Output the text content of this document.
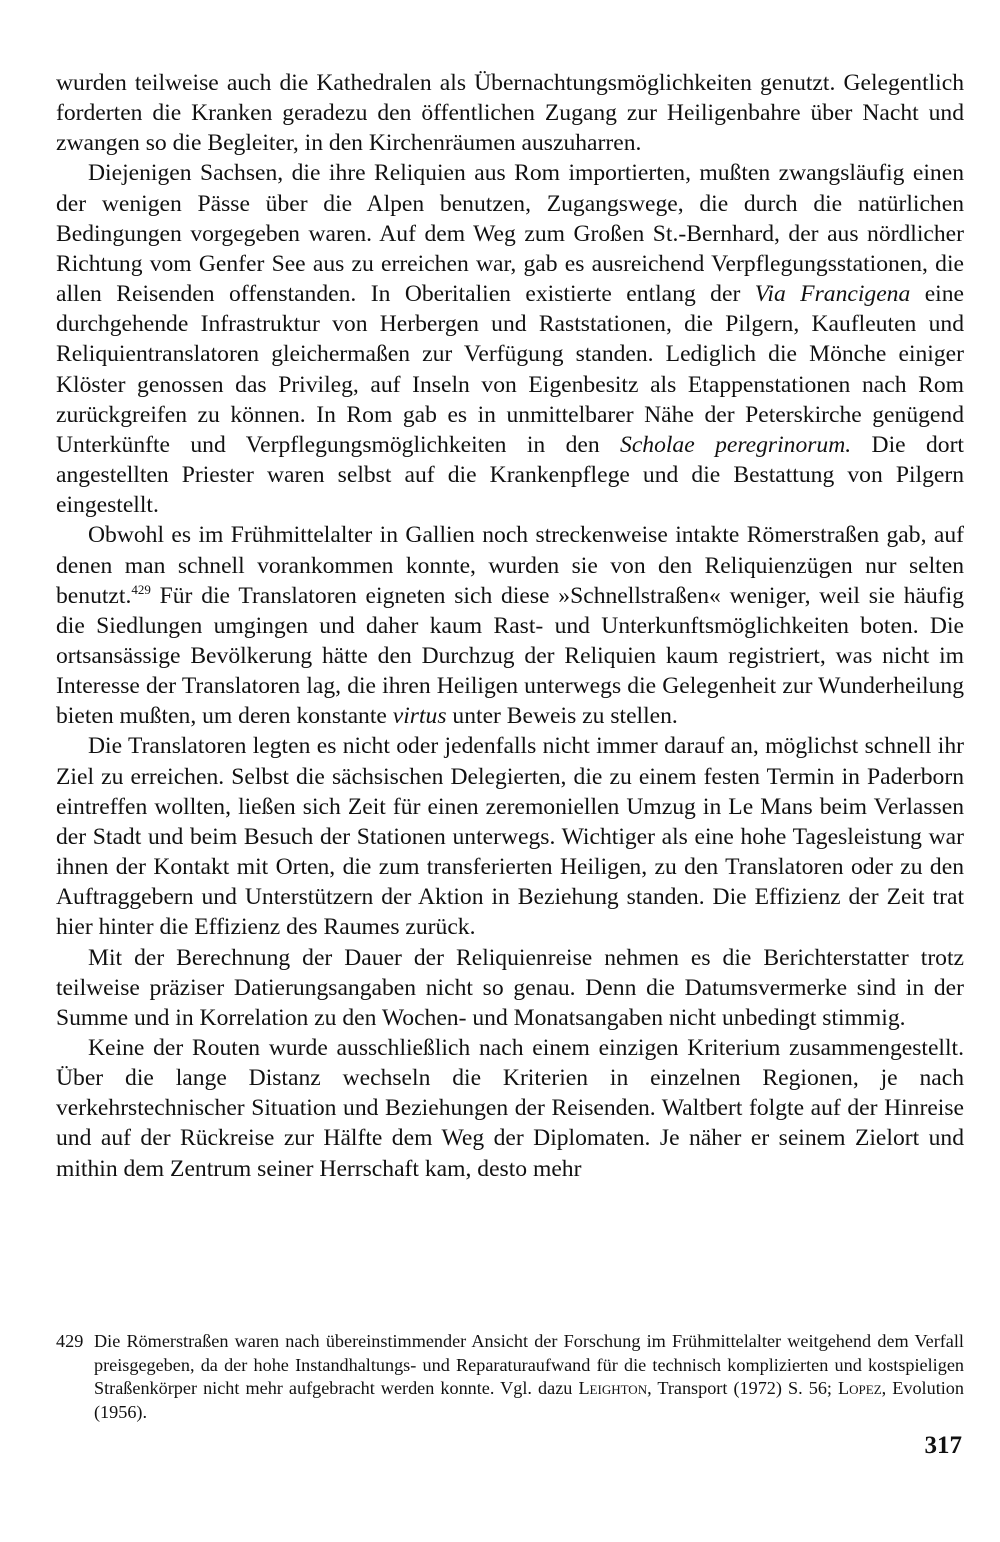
wurden teilweise auch die Kathedralen als Übernachtungsmöglichkeiten genutzt. Gelegentlich forderten die Kranken geradezu den öffentlichen Zugang zur Heiligenbahre über Nacht und zwangen so die Begleiter, in den Kirchenräumen auszuharren.

Diejenigen Sachsen, die ihre Reliquien aus Rom importierten, mußten zwangsläufig einen der wenigen Pässe über die Alpen benutzen, Zugangswege, die durch die natürlichen Bedingungen vorgegeben waren. Auf dem Weg zum Großen St.-Bernhard, der aus nördlicher Richtung vom Genfer See aus zu erreichen war, gab es ausreichend Verpflegungsstationen, die allen Reisenden offenstanden. In Oberitalien existierte entlang der Via Francigena eine durchgehende Infrastruktur von Herbergen und Raststationen, die Pilgern, Kaufleuten und Reliquientranslatoren gleichermaßen zur Verfügung standen. Lediglich die Mönche einiger Klöster genossen das Privileg, auf Inseln von Eigenbesitz als Etappenstationen nach Rom zurückgreifen zu können. In Rom gab es in unmittelbarer Nähe der Peterskirche genügend Unterkünfte und Verpflegungsmöglichkeiten in den Scholae peregrinorum. Die dort angestellten Priester waren selbst auf die Krankenpflege und die Bestattung von Pilgern eingestellt.

Obwohl es im Frühmittelalter in Gallien noch streckenweise intakte Römerstraßen gab, auf denen man schnell vorankommen konnte, wurden sie von den Reliquienzügen nur selten benutzt.$^{429}$ Für die Translatoren eigneten sich diese »Schnellstraßen« weniger, weil sie häufig die Siedlungen umgingen und daher kaum Rast- und Unterkunftsmöglichkeiten boten. Die ortsansässige Bevölkerung hätte den Durchzug der Reliquien kaum registriert, was nicht im Interesse der Translatoren lag, die ihren Heiligen unterwegs die Gelegenheit zur Wunderheilung bieten mußten, um deren konstante virtus unter Beweis zu stellen.

Die Translatoren legten es nicht oder jedenfalls nicht immer darauf an, möglichst schnell ihr Ziel zu erreichen. Selbst die sächsischen Delegierten, die zu einem festen Termin in Paderborn eintreffen wollten, ließen sich Zeit für einen zeremoniellen Umzug in Le Mans beim Verlassen der Stadt und beim Besuch der Stationen unterwegs. Wichtiger als eine hohe Tagesleistung war ihnen der Kontakt mit Orten, die zum transferierten Heiligen, zu den Translatoren oder zu den Auftraggebern und Unterstützern der Aktion in Beziehung standen. Die Effizienz der Zeit trat hier hinter die Effizienz des Raumes zurück.

Mit der Berechnung der Dauer der Reliquienreise nehmen es die Berichterstatter trotz teilweise präziser Datierungsangaben nicht so genau. Denn die Datumsvermerke sind in der Summe und in Korrelation zu den Wochen- und Monatsangaben nicht unbedingt stimmig.

Keine der Routen wurde ausschließlich nach einem einzigen Kriterium zusammengestellt. Über die lange Distanz wechseln die Kriterien in einzelnen Regionen, je nach verkehrstechnischer Situation und Beziehungen der Reisenden. Waltbert folgte auf der Hinreise und auf der Rückreise zur Hälfte dem Weg der Diplomaten. Je näher er seinem Zielort und mithin dem Zentrum seiner Herrschaft kam, desto mehr

429 Die Römerstraßen waren nach übereinstimmender Ansicht der Forschung im Frühmittelalter weitgehend dem Verfall preisgegeben, da der hohe Instandhaltungs- und Reparaturaufwand für die technisch komplizierten und kostspieligen Straßenkörper nicht mehr aufgebracht werden konnte. Vgl. dazu Leighton, Transport (1972) S. 56; Lopez, Evolution (1956).
317
